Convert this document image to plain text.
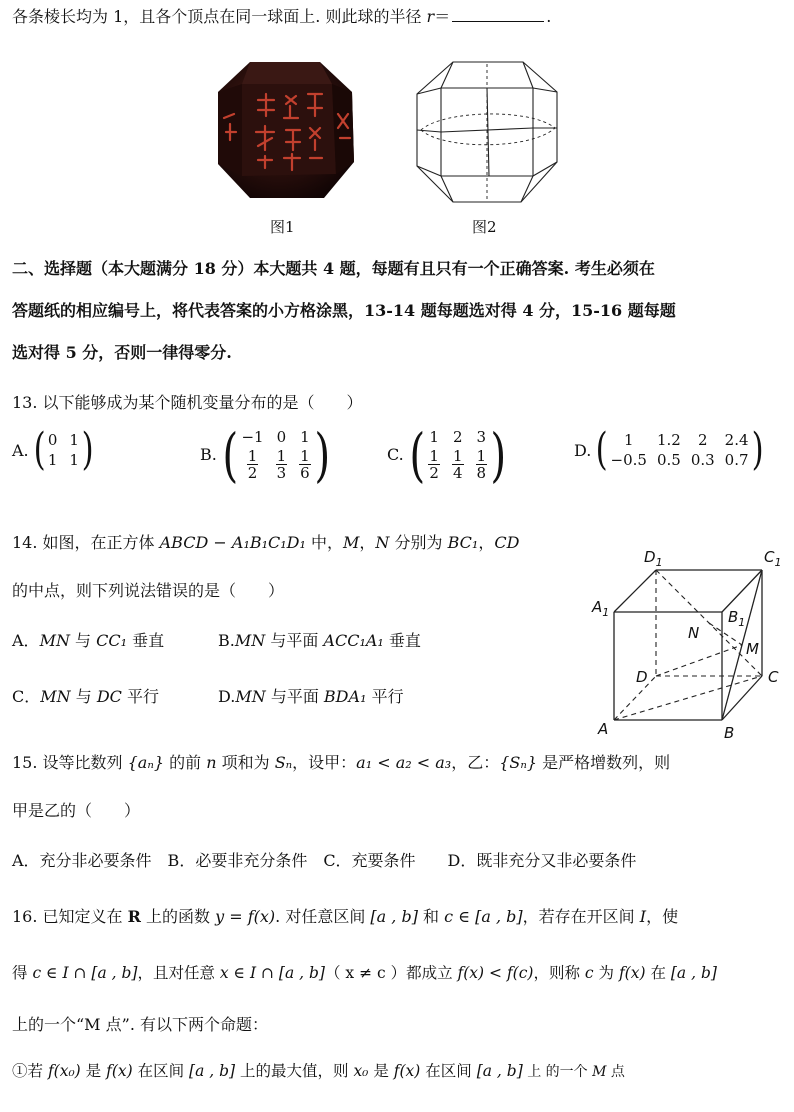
各条棱长均为 1，且各个顶点在同一球面上. 则此球的半径 r＝	.
图1	图2
二、选择题（本大题满分 18 分）本大题共 4 题，每题有且只有一个正确答案. 考生必须在
答题纸的相应编号上，将代表答案的小方格涂黑，13-14 题每题选对得 4 分，15-16 题每题
选对得 5 分，否则一律得零分.
13. 以下能够成为某个随机变量分布的是（　　）
A. ( 0 1
1 1 )	B. ( −1 0 1
$\frac{1}{2} \frac{1}{3} \frac{1}{6}$ )	C. ( 1 2 3
$\frac{1}{2} \frac{1}{4} \frac{1}{8}$ )	D. (	1	1.2	2	2.4
−0.5 0.5 0.3 0.7 )
14. 如图，在正方体 ABCD − A₁B₁C₁D₁ 中，M，N 分别为 BC₁，CD
的中点，则下列说法错误的是（　　）
A．MN 与 CC₁ 垂直	B.MN 与平面 ACC₁A₁ 垂直
C．MN 与 DC 平行	D.MN 与平面 BDA₁ 平行
$D_1$	$C_1$
$A_1$	$B_1$
N
M
D	C
A	B
15. 设等比数列 {aₙ} 的前 n 项和为 Sₙ，设甲：a₁ < a₂ < a₃，乙：{Sₙ} 是严格增数列，则
甲是乙的（　　）
A．充分非必要条件　B．必要非充分条件　C．充要条件　　D．既非充分又非必要条件
16. 已知定义在 R 上的函数 y = f(x). 对任意区间 [a , b] 和 c ∈ [a , b]，若存在开区间 I，使
得 c ∈ I ∩ [a , b]，且对任意 x ∈ I ∩ [a , b]（ x ≠ c ）都成立 f(x) < f(c)，则称 c 为 f(x) 在 [a , b]
上的一个“M 点”. 有以下两个命题：
①若 f(x₀) 是 f(x) 在区间 [a , b] 上的最大值，则 x₀ 是 f(x) 在区间 [a , b] 上 的一个 M 点
